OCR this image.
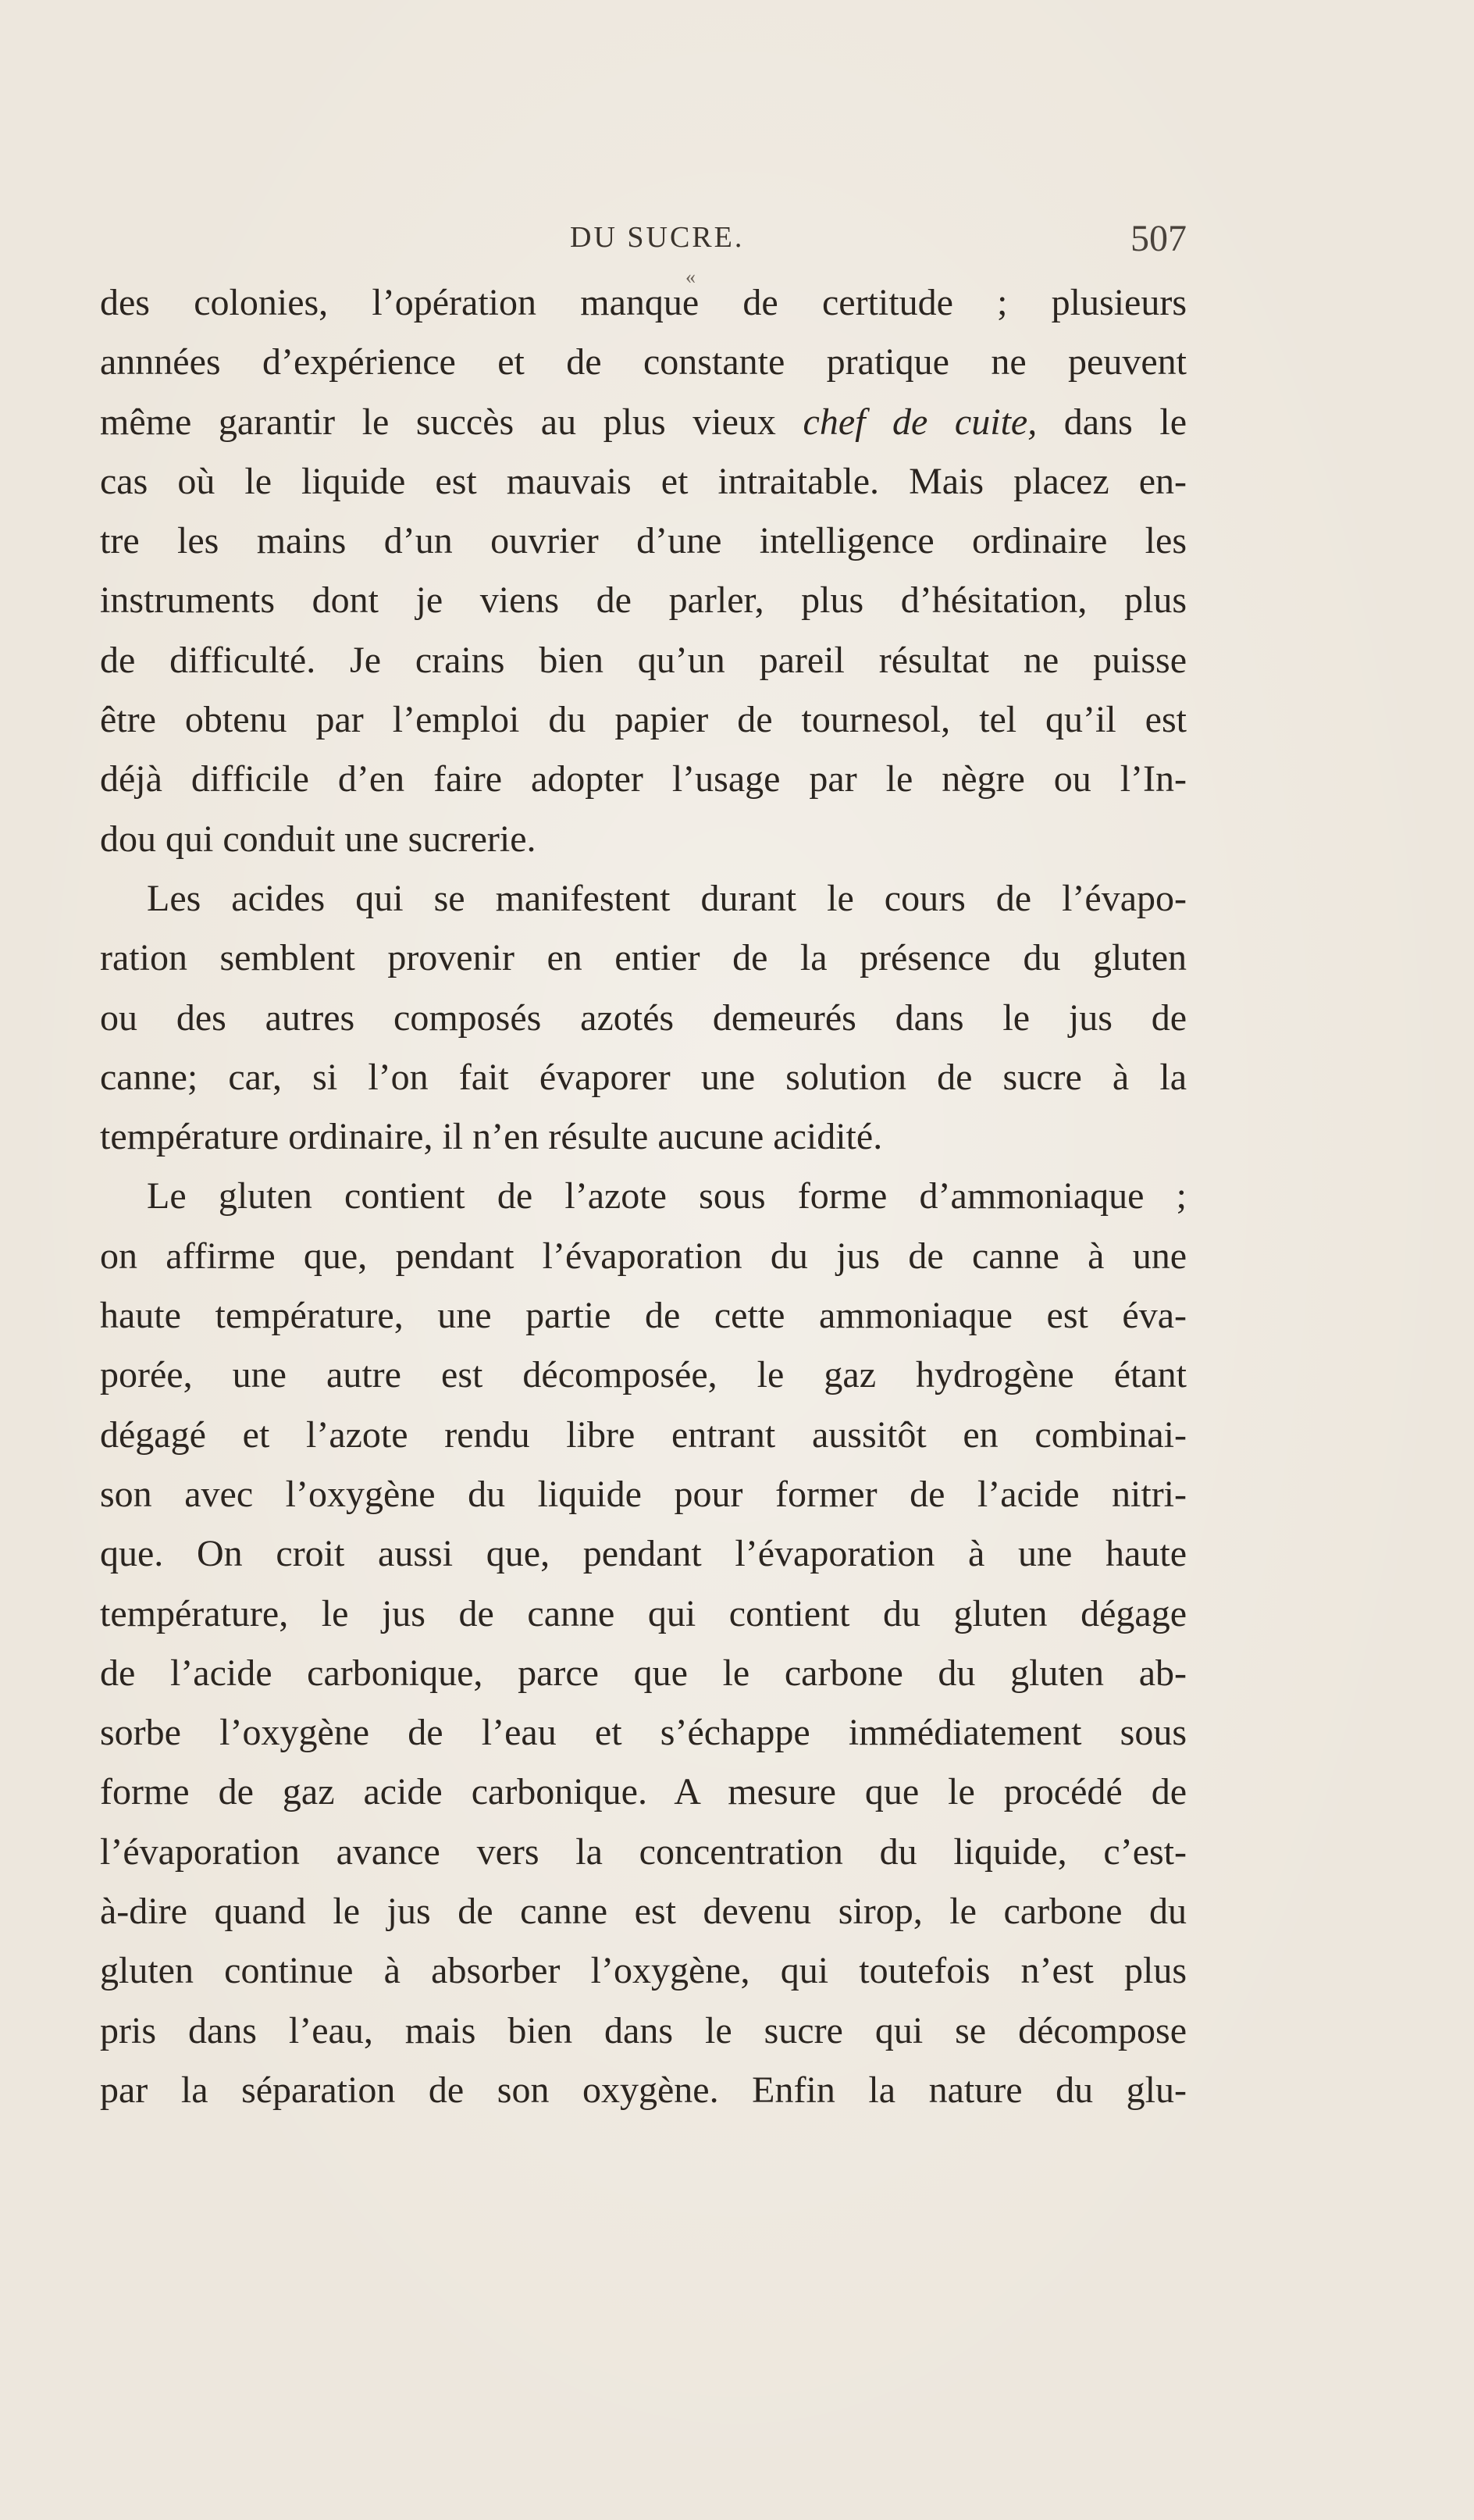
DU SUCRE.	507
«
des colonies, l’opération manque de certitude ; plusieurs
annnées d’expérience et de constante pratique ne peuvent
même garantir le succès au plus vieux chef de cuite, dans le
cas où le liquide est mauvais et intraitable. Mais placez en-
tre les mains d’un ouvrier d’une intelligence ordinaire les
instruments dont je viens de parler, plus d’hésitation, plus
de difficulté. Je crains bien qu’un pareil résultat ne puisse
être obtenu par l’emploi du papier de tournesol, tel qu’il est
déjà difficile d’en faire adopter l’usage par le nègre ou l’In-
dou qui conduit une sucrerie.
Les acides qui se manifestent durant le cours de l’évapo-
ration semblent provenir en entier de la présence du gluten
ou des autres composés azotés demeurés dans le jus de
canne; car, si l’on fait évaporer une solution de sucre à la
température ordinaire, il n’en résulte aucune acidité.
Le gluten contient de l’azote sous forme d’ammoniaque ;
on affirme que, pendant l’évaporation du jus de canne à une
haute température, une partie de cette ammoniaque est éva-
porée, une autre est décomposée, le gaz hydrogène étant
dégagé et l’azote rendu libre entrant aussitôt en combinai-
son avec l’oxygène du liquide pour former de l’acide nitri-
que. On croit aussi que, pendant l’évaporation à une haute
température, le jus de canne qui contient du gluten dégage
de l’acide carbonique, parce que le carbone du gluten ab-
sorbe l’oxygène de l’eau et s’échappe immédiatement sous
forme de gaz acide carbonique. A mesure que le procédé de
l’évaporation avance vers la concentration du liquide, c’est-
à-dire quand le jus de canne est devenu sirop, le carbone du
gluten continue à absorber l’oxygène, qui toutefois n’est plus
pris dans l’eau, mais bien dans le sucre qui se décompose
par la séparation de son oxygène. Enfin la nature du glu-
